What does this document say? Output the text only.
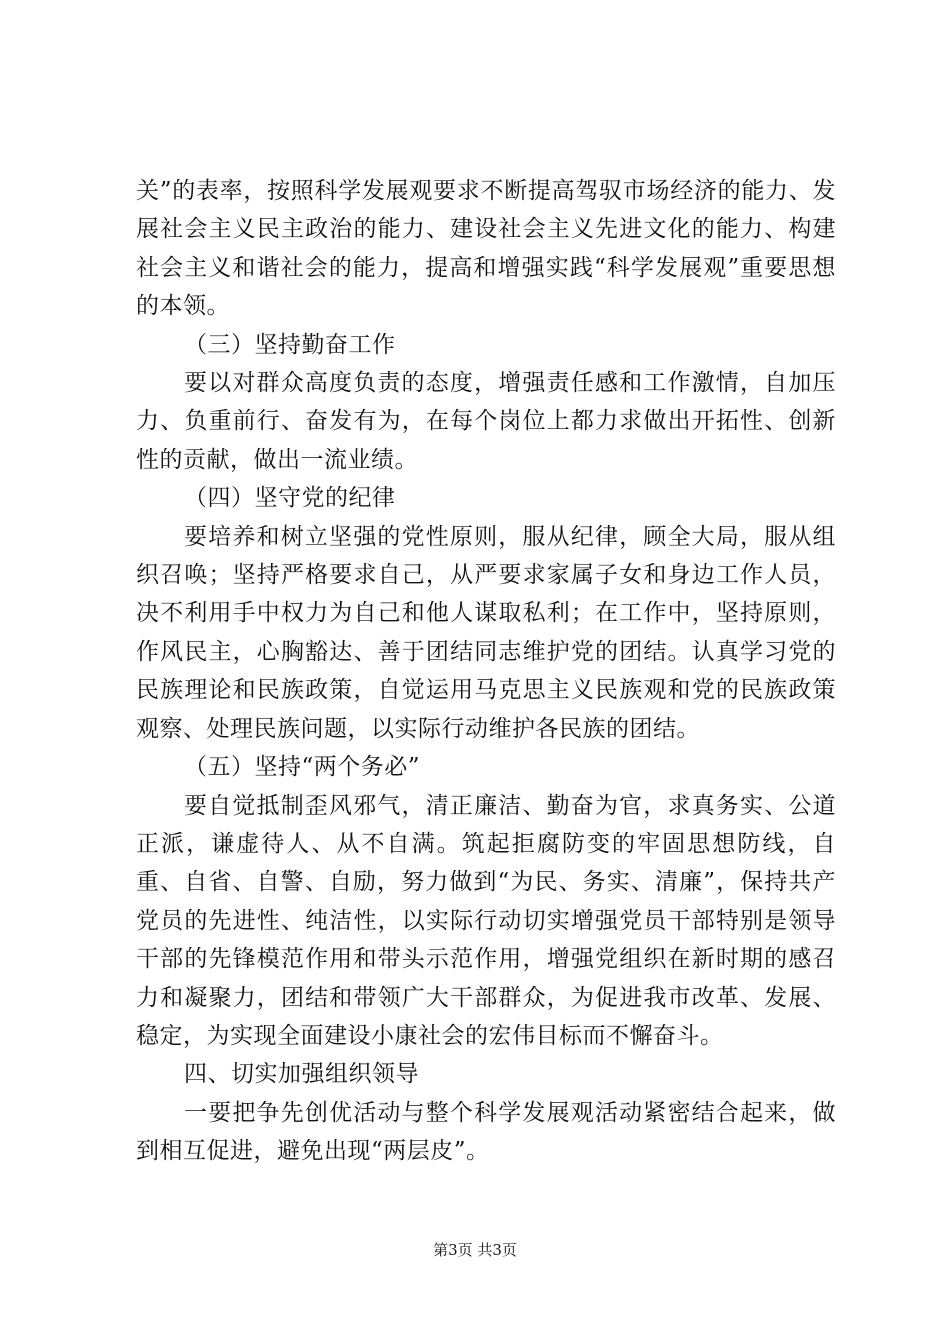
关”的表率，按照科学发展观要求不断提高驾驭市场经济的能力、发展社会主义民主政治的能力、建设社会主义先进文化的能力、构建社会主义和谐社会的能力，提高和增强实践“科学发展观”重要思想的本领。

（三）坚持勤奋工作

要以对群众高度负责的态度，增强责任感和工作激情，自加压力、负重前行、奋发有为，在每个岗位上都力求做出开拓性、创新性的贡献，做出一流业绩。

（四）坚守党的纪律

要培养和树立坚强的党性原则，服从纪律，顾全大局，服从组织召唤；坚持严格要求自己，从严要求家属子女和身边工作人员，决不利用手中权力为自己和他人谋取私利；在工作中，坚持原则，作风民主，心胸豁达、善于团结同志维护党的团结。认真学习党的民族理论和民族政策，自觉运用马克思主义民族观和党的民族政策观察、处理民族问题，以实际行动维护各民族的团结。

（五）坚持“两个务必”

要自觉抵制歪风邪气，清正廉洁、勤奋为官，求真务实、公道正派，谦虚待人、从不自满。筑起拒腐防变的牢固思想防线，自重、自省、自警、自励，努力做到“为民、务实、清廉”，保持共产党员的先进性、纯洁性，以实际行动切实增强党员干部特别是领导干部的先锋模范作用和带头示范作用，增强党组织在新时期的感召力和凝聚力，团结和带领广大干部群众，为促进我市改革、发展、稳定，为实现全面建设小康社会的宏伟目标而不懈奋斗。

四、切实加强组织领导

一要把争先创优活动与整个科学发展观活动紧密结合起来，做到相互促进，避免出现“两层皮”。

第3页 共3页
